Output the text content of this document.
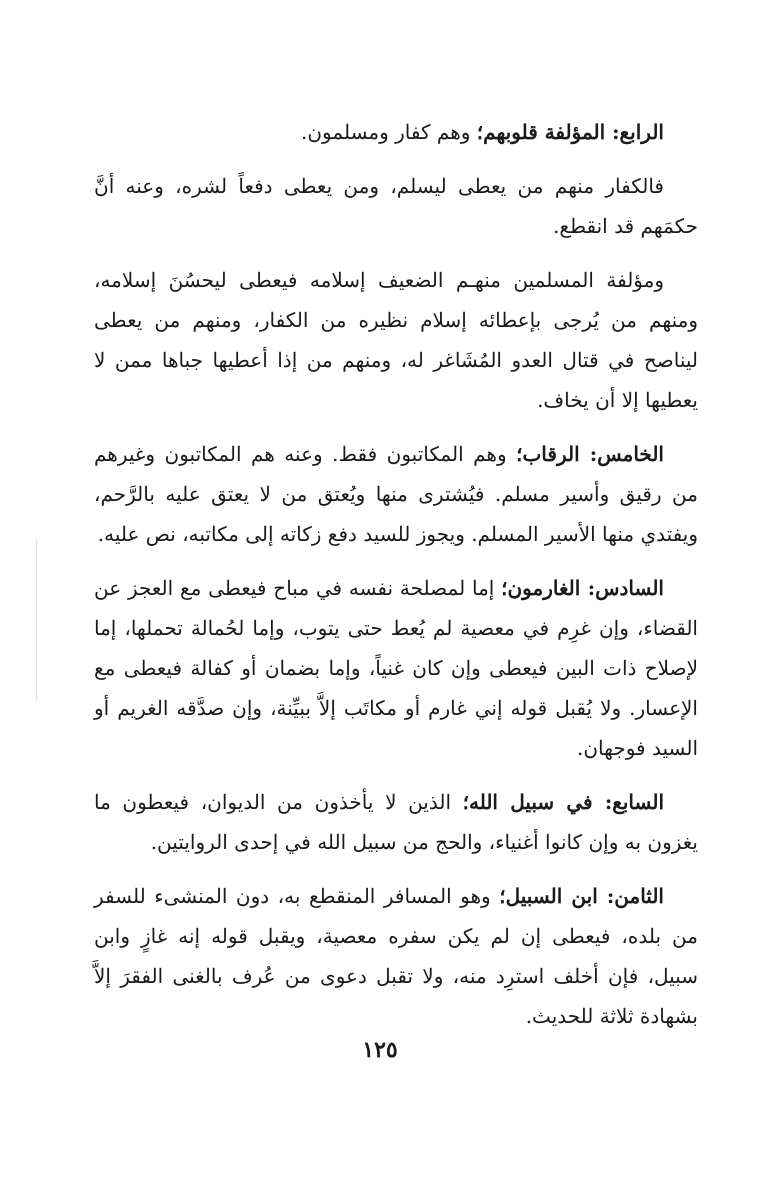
الرابع: المؤلفة قلوبهم؛ وهم كفار ومسلمون.

فالكفار منهم من يعطى ليسلم، ومن يعطى دفعاً لشره، وعنه أنَّ حكمَهم قد انقطع.

ومؤلفة المسلمين منهـم الضعيف إسلامه فيعطى ليحسُنَ إسلامه، ومنهم من يُرجى بإعطائه إسلام نظيره من الكفار، ومنهم من يعطى ليناصح في قتال العدو المُشَاغر له، ومنهم من إذا أعطيها جباها ممن لا يعطيها إلا أن يخاف.

الخامس: الرقاب؛ وهم المكاتبون فقط. وعنه هم المكاتبون وغيرهم من رقيق وأسير مسلم. فيُشترى منها ويُعتق من لا يعتق عليه بالرَّحم، ويفتدي منها الأسير المسلم. ويجوز للسيد دفع زكاته إلى مكاتبه، نص عليه.

السادس: الغارمون؛ إما لمصلحة نفسه في مباح فيعطى مع العجز عن القضاء، وإن غرِم في معصية لم يُعط حتى يتوب، وإما لحُمالة تحملها، إما لإصلاح ذات البين فيعطى وإن كان غنياً، وإما بضمان أو كفالة فيعطى مع الإعسار. ولا يُقبل قوله إني غارم أو مكاتَب إلاَّ ببيِّنة، وإن صدَّقه الغريم أو السيد فوجهان.

السابع: في سبيل الله؛ الذين لا يأخذون من الديوان، فيعطون ما يغزون به وإن كانوا أغنياء، والحج من سبيل الله في إحدى الروايتين.

الثامن: ابن السبيل؛ وهو المسافر المنقطع به، دون المنشىء للسفر من بلده، فيعطى إن لم يكن سفره معصية، ويقبل قوله إنه غازٍ وابن سبيل، فإن أخلف استرِد منه، ولا تقبل دعوى من عُرف بالغنى الفقرَ إلاَّ بشهادة ثلاثة للحديث.

١٢٥
